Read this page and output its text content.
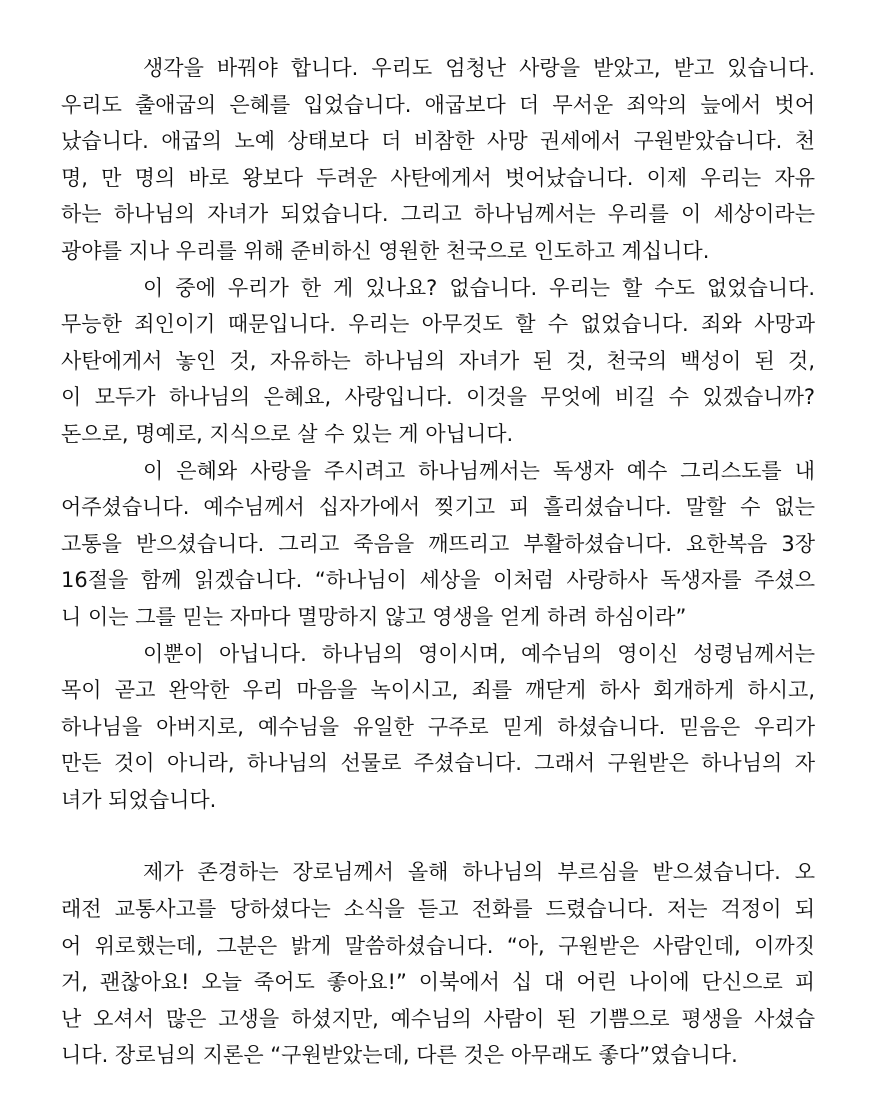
생각을 바꿔야 합니다. 우리도 엄청난 사랑을 받았고, 받고 있습니다.
우리도 출애굽의 은혜를 입었습니다. 애굽보다 더 무서운 죄악의 늪에서 벗어
났습니다. 애굽의 노예 상태보다 더 비참한 사망 권세에서 구원받았습니다. 천
명, 만 명의 바로 왕보다 두려운 사탄에게서 벗어났습니다. 이제 우리는 자유
하는 하나님의 자녀가 되었습니다. 그리고 하나님께서는 우리를 이 세상이라는
광야를 지나 우리를 위해 준비하신 영원한 천국으로 인도하고 계십니다.
이 중에 우리가 한 게 있나요? 없습니다. 우리는 할 수도 없었습니다.
무능한 죄인이기 때문입니다. 우리는 아무것도 할 수 없었습니다. 죄와 사망과
사탄에게서 놓인 것, 자유하는 하나님의 자녀가 된 것, 천국의 백성이 된 것,
이 모두가 하나님의 은혜요, 사랑입니다. 이것을 무엇에 비길 수 있겠습니까?
돈으로, 명예로, 지식으로 살 수 있는 게 아닙니다.
이 은혜와 사랑을 주시려고 하나님께서는 독생자 예수 그리스도를 내
어주셨습니다. 예수님께서 십자가에서 찢기고 피 흘리셨습니다. 말할 수 없는
고통을 받으셨습니다. 그리고 죽음을 깨뜨리고 부활하셨습니다. 요한복음 3장
16절을 함께 읽겠습니다. “하나님이 세상을 이처럼 사랑하사 독생자를 주셨으
니 이는 그를 믿는 자마다 멸망하지 않고 영생을 얻게 하려 하심이라”
이뿐이 아닙니다. 하나님의 영이시며, 예수님의 영이신 성령님께서는
목이 곧고 완악한 우리 마음을 녹이시고, 죄를 깨닫게 하사 회개하게 하시고,
하나님을 아버지로, 예수님을 유일한 구주로 믿게 하셨습니다. 믿음은 우리가
만든 것이 아니라, 하나님의 선물로 주셨습니다. 그래서 구원받은 하나님의 자
녀가 되었습니다.
제가 존경하는 장로님께서 올해 하나님의 부르심을 받으셨습니다. 오
래전 교통사고를 당하셨다는 소식을 듣고 전화를 드렸습니다. 저는 걱정이 되
어 위로했는데, 그분은 밝게 말씀하셨습니다. “아, 구원받은 사람인데, 이까짓
거, 괜찮아요! 오늘 죽어도 좋아요!” 이북에서 십 대 어린 나이에 단신으로 피
난 오셔서 많은 고생을 하셨지만, 예수님의 사람이 된 기쁨으로 평생을 사셨습
니다. 장로님의 지론은 “구원받았는데, 다른 것은 아무래도 좋다”였습니다.
